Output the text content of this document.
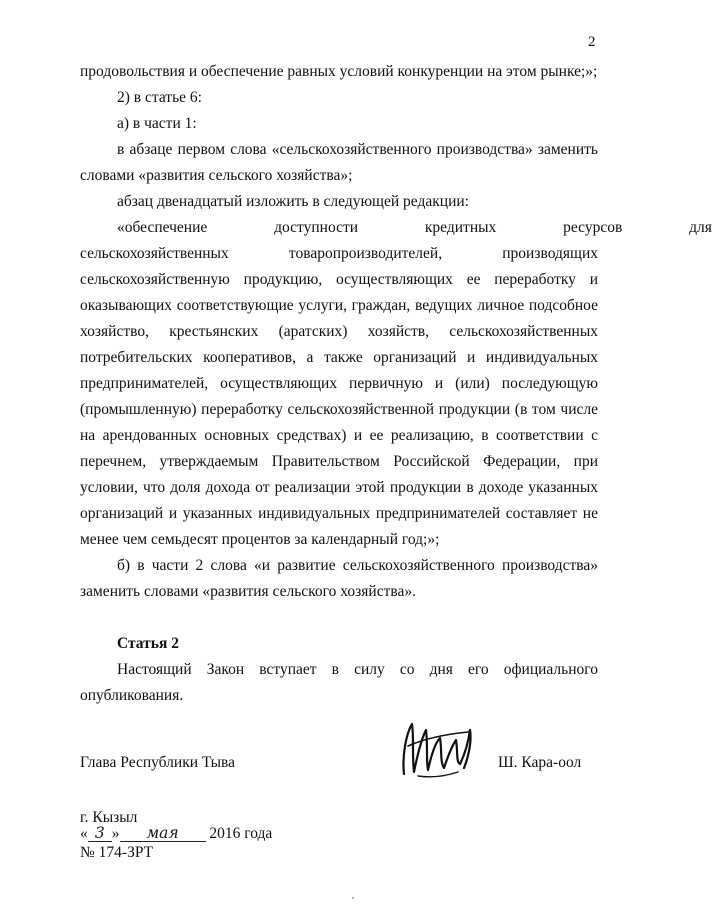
2
продовольствия и обеспечение равных условий конкуренции на этом рынке;»;
2) в статье 6:
а) в части 1:
в абзаце первом слова «сельскохозяйственного производства» заменить
словами «развития сельского хозяйства»;
абзац двенадцатый изложить в следующей редакции:
«обеспечение доступности кредитных ресурсов для
сельскохозяйственных товаропроизводителей, производящих
сельскохозяйственную продукцию, осуществляющих ее переработку и
оказывающих соответствующие услуги, граждан, ведущих личное подсобное
хозяйство, крестьянских (аратских) хозяйств, сельскохозяйственных
потребительских кооперативов, а также организаций и индивидуальных
предпринимателей, осуществляющих первичную и (или) последующую
(промышленную) переработку сельскохозяйственной продукции (в том числе
на арендованных основных средствах) и ее реализацию, в соответствии с
перечнем, утверждаемым Правительством Российской Федерации, при
условии, что доля дохода от реализации этой продукции в доходе указанных
организаций и указанных индивидуальных предпринимателей составляет не
менее чем семьдесят процентов за календарный год;»;
б) в части 2 слова «и развитие сельскохозяйственного производства»
заменить словами «развития сельского хозяйства».
Статья 2
Настоящий Закон вступает в силу со дня его официального
опубликования.
Глава Республики Тыва	Ш. Кара-оол
г. Кызыл
« 3 » мая 2016 года
№ 174-ЗРТ
